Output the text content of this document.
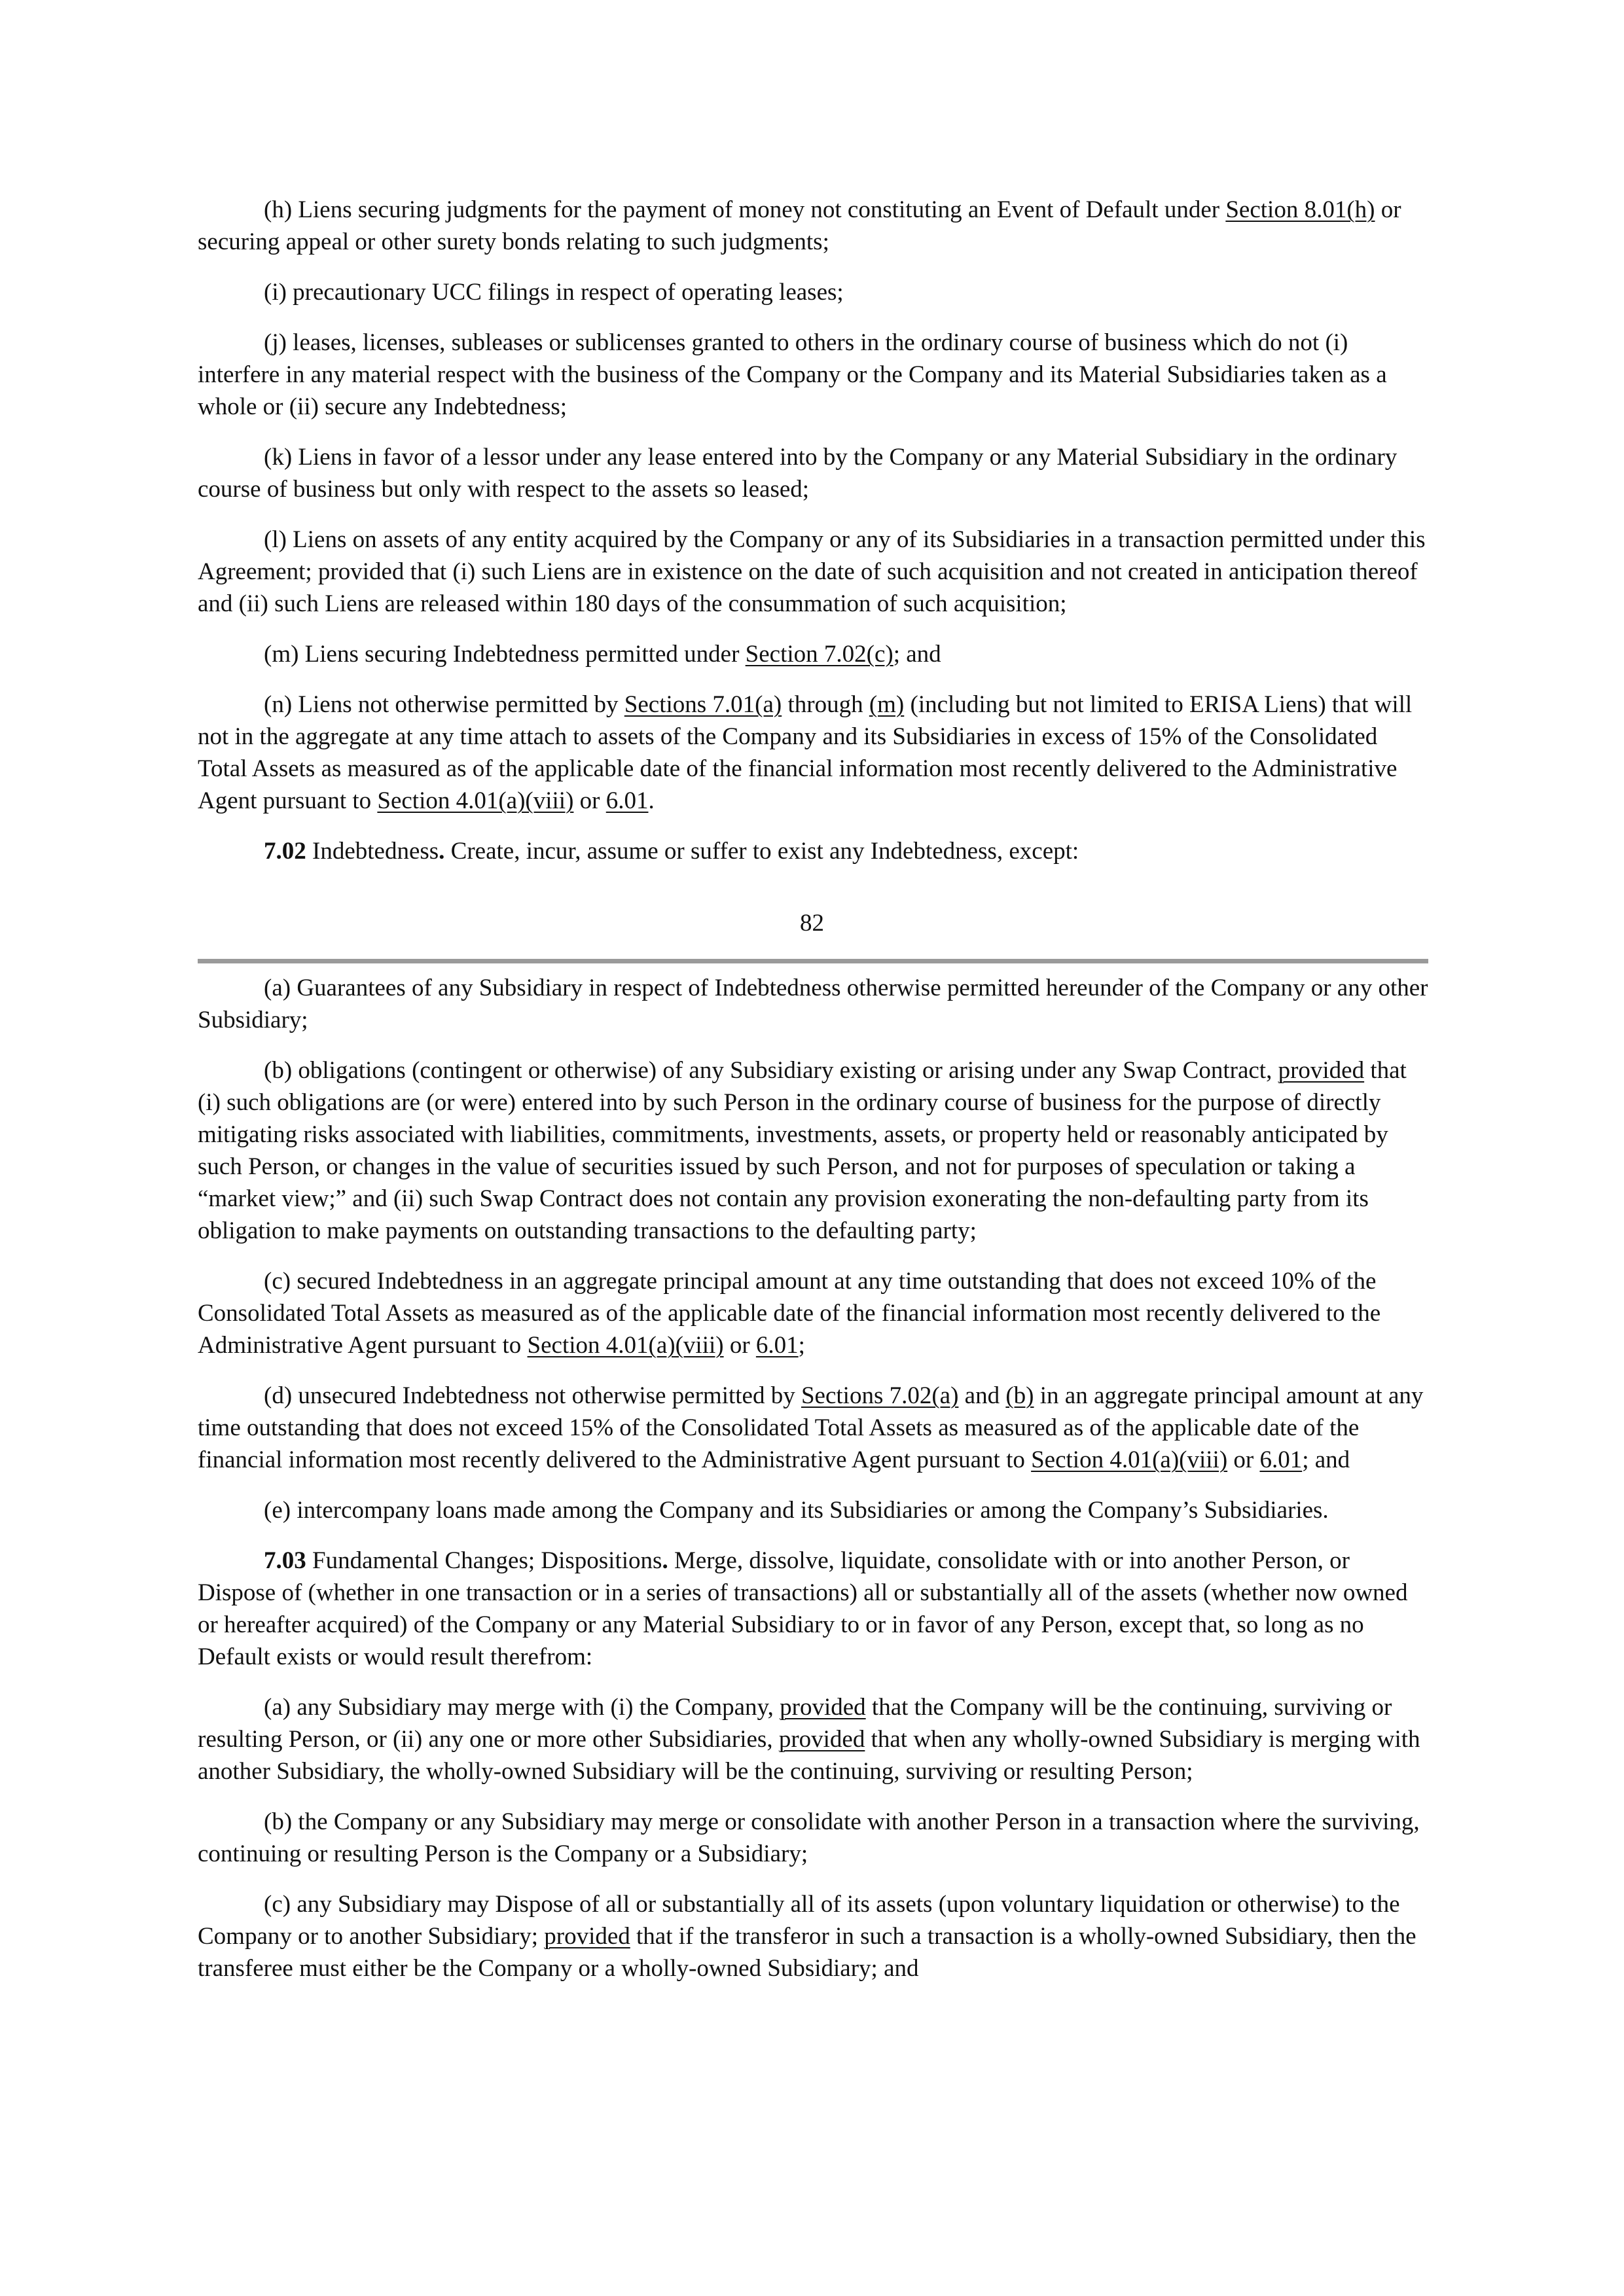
(h) Liens securing judgments for the payment of money not constituting an Event of Default under Section 8.01(h) or securing appeal or other surety bonds relating to such judgments;

(i) precautionary UCC filings in respect of operating leases;

(j) leases, licenses, subleases or sublicenses granted to others in the ordinary course of business which do not (i) interfere in any material respect with the business of the Company or the Company and its Material Subsidiaries taken as a whole or (ii) secure any Indebtedness;

(k) Liens in favor of a lessor under any lease entered into by the Company or any Material Subsidiary in the ordinary course of business but only with respect to the assets so leased;

(l) Liens on assets of any entity acquired by the Company or any of its Subsidiaries in a transaction permitted under this Agreement; provided that (i) such Liens are in existence on the date of such acquisition and not created in anticipation thereof and (ii) such Liens are released within 180 days of the consummation of such acquisition;

(m) Liens securing Indebtedness permitted under Section 7.02(c); and

(n) Liens not otherwise permitted by Sections 7.01(a) through (m) (including but not limited to ERISA Liens) that will not in the aggregate at any time attach to assets of the Company and its Subsidiaries in excess of 15% of the Consolidated Total Assets as measured as of the applicable date of the financial information most recently delivered to the Administrative Agent pursuant to Section 4.01(a)(viii) or 6.01.

7.02 Indebtedness. Create, incur, assume or suffer to exist any Indebtedness, except:

82

(a) Guarantees of any Subsidiary in respect of Indebtedness otherwise permitted hereunder of the Company or any other Subsidiary;

(b) obligations (contingent or otherwise) of any Subsidiary existing or arising under any Swap Contract, provided that (i) such obligations are (or were) entered into by such Person in the ordinary course of business for the purpose of directly mitigating risks associated with liabilities, commitments, investments, assets, or property held or reasonably anticipated by such Person, or changes in the value of securities issued by such Person, and not for purposes of speculation or taking a “market view;” and (ii) such Swap Contract does not contain any provision exonerating the non-defaulting party from its obligation to make payments on outstanding transactions to the defaulting party;

(c) secured Indebtedness in an aggregate principal amount at any time outstanding that does not exceed 10% of the Consolidated Total Assets as measured as of the applicable date of the financial information most recently delivered to the Administrative Agent pursuant to Section 4.01(a)(viii) or 6.01;

(d) unsecured Indebtedness not otherwise permitted by Sections 7.02(a) and (b) in an aggregate principal amount at any time outstanding that does not exceed 15% of the Consolidated Total Assets as measured as of the applicable date of the financial information most recently delivered to the Administrative Agent pursuant to Section 4.01(a)(viii) or 6.01; and

(e) intercompany loans made among the Company and its Subsidiaries or among the Company’s Subsidiaries.

7.03 Fundamental Changes; Dispositions. Merge, dissolve, liquidate, consolidate with or into another Person, or Dispose of (whether in one transaction or in a series of transactions) all or substantially all of the assets (whether now owned or hereafter acquired) of the Company or any Material Subsidiary to or in favor of any Person, except that, so long as no Default exists or would result therefrom:

(a) any Subsidiary may merge with (i) the Company, provided that the Company will be the continuing, surviving or resulting Person, or (ii) any one or more other Subsidiaries, provided that when any wholly-owned Subsidiary is merging with another Subsidiary, the wholly-owned Subsidiary will be the continuing, surviving or resulting Person;

(b) the Company or any Subsidiary may merge or consolidate with another Person in a transaction where the surviving, continuing or resulting Person is the Company or a Subsidiary;

(c) any Subsidiary may Dispose of all or substantially all of its assets (upon voluntary liquidation or otherwise) to the Company or to another Subsidiary; provided that if the transferor in such a transaction is a wholly-owned Subsidiary, then the transferee must either be the Company or a wholly-owned Subsidiary; and
